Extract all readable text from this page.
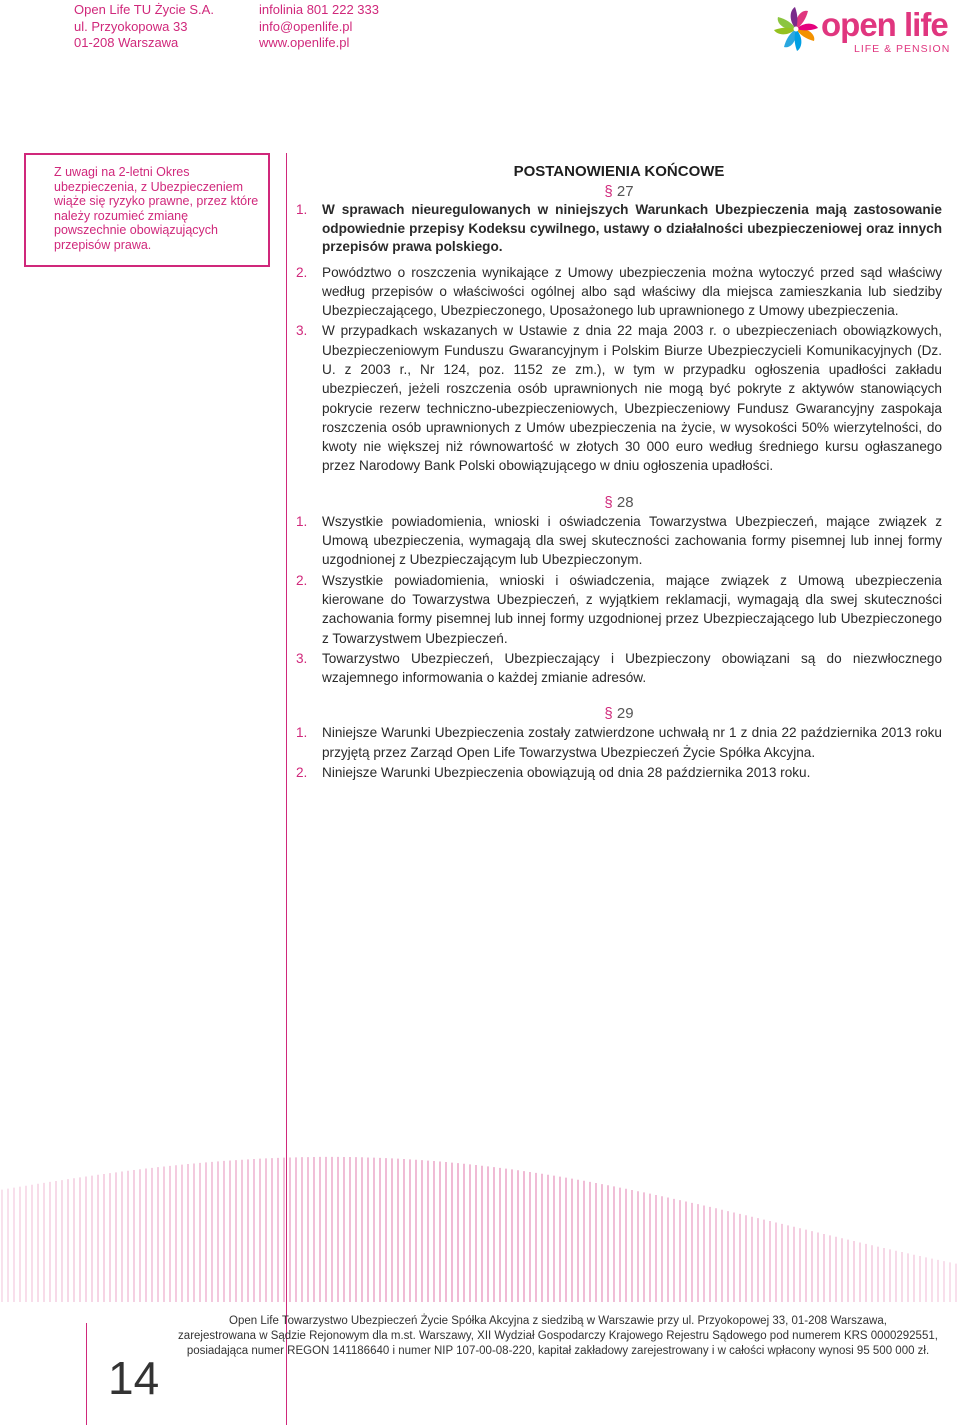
Open Life TU Życie S.A.
ul. Przyokopowa 33
01-208 Warszawa
infolinia 801 222 333
info@openlife.pl
www.openlife.pl	open life
LIFE & PENSION

Z uwagi na 2-letni Okres ubezpieczenia, z Ubezpieczeniem wiąże się ryzyko prawne, przez które należy rozumieć zmianę powszechnie obowiązujących przepisów prawa.

POSTANOWIENIA KOŃCOWE
§ 27
1. W sprawach nieuregulowanych w niniejszych Warunkach Ubezpieczenia mają zastosowanie odpowiednie przepisy Kodeksu cywilnego, ustawy o działalności ubezpieczeniowej oraz innych przepisów prawa polskiego.
2. Powództwo o roszczenia wynikające z Umowy ubezpieczenia można wytoczyć przed sąd właściwy według przepisów o właściwości ogólnej albo sąd właściwy dla miejsca zamieszkania lub siedziby Ubezpieczającego, Ubezpieczonego, Uposażonego lub uprawnionego z Umowy ubezpieczenia.
3. W przypadkach wskazanych w Ustawie z dnia 22 maja 2003 r. o ubezpieczeniach obowiązkowych, Ubezpieczeniowym Funduszu Gwarancyjnym i Polskim Biurze Ubezpieczycieli Komunikacyjnych (Dz. U. z 2003 r., Nr 124, poz. 1152 ze zm.), w tym w przypadku ogłoszenia upadłości zakładu ubezpieczeń, jeżeli roszczenia osób uprawnionych nie mogą być pokryte z aktywów stanowiących pokrycie rezerw techniczno-ubezpieczeniowych, Ubezpieczeniowy Fundusz Gwarancyjny zaspokaja roszczenia osób uprawnionych z Umów ubezpieczenia na życie, w wysokości 50% wierzytelności, do kwoty nie większej niż równowartość w złotych 30 000 euro według średniego kursu ogłaszanego przez Narodowy Bank Polski obowiązującego w dniu ogłoszenia upadłości.
§ 28
1. Wszystkie powiadomienia, wnioski i oświadczenia Towarzystwa Ubezpieczeń, mające związek z Umową ubezpieczenia, wymagają dla swej skuteczności zachowania formy pisemnej lub innej formy uzgodnionej z Ubezpieczającym lub Ubezpieczonym.
2. Wszystkie powiadomienia, wnioski i oświadczenia, mające związek z Umową ubezpieczenia kierowane do Towarzystwa Ubezpieczeń, z wyjątkiem reklamacji, wymagają dla swej skuteczności zachowania formy pisemnej lub innej formy uzgodnionej przez Ubezpieczającego lub Ubezpieczonego z Towarzystwem Ubezpieczeń.
3. Towarzystwo Ubezpieczeń, Ubezpieczający i Ubezpieczony obowiązani są do niezwłocznego wzajemnego informowania o każdej zmianie adresów.
§ 29
1. Niniejsze Warunki Ubezpieczenia zostały zatwierdzone uchwałą nr 1 z dnia 22 października 2013 roku przyjętą przez Zarząd Open Life Towarzystwa Ubezpieczeń Życie Spółka Akcyjna.
2. Niniejsze Warunki Ubezpieczenia obowiązują od dnia 28 października 2013 roku.
14
Open Life Towarzystwo Ubezpieczeń Życie Spółka Akcyjna z siedzibą w Warszawie przy ul. Przyokopowej 33, 01-208 Warszawa,
zarejestrowana w Sądzie Rejonowym dla m.st. Warszawy, XII Wydział Gospodarczy Krajowego Rejestru Sądowego pod numerem KRS 0000292551,
posiadająca numer REGON 141186640 i numer NIP 107-00-08-220, kapitał zakładowy zarejestrowany i w całości wpłacony wynosi 95 500 000 zł.
